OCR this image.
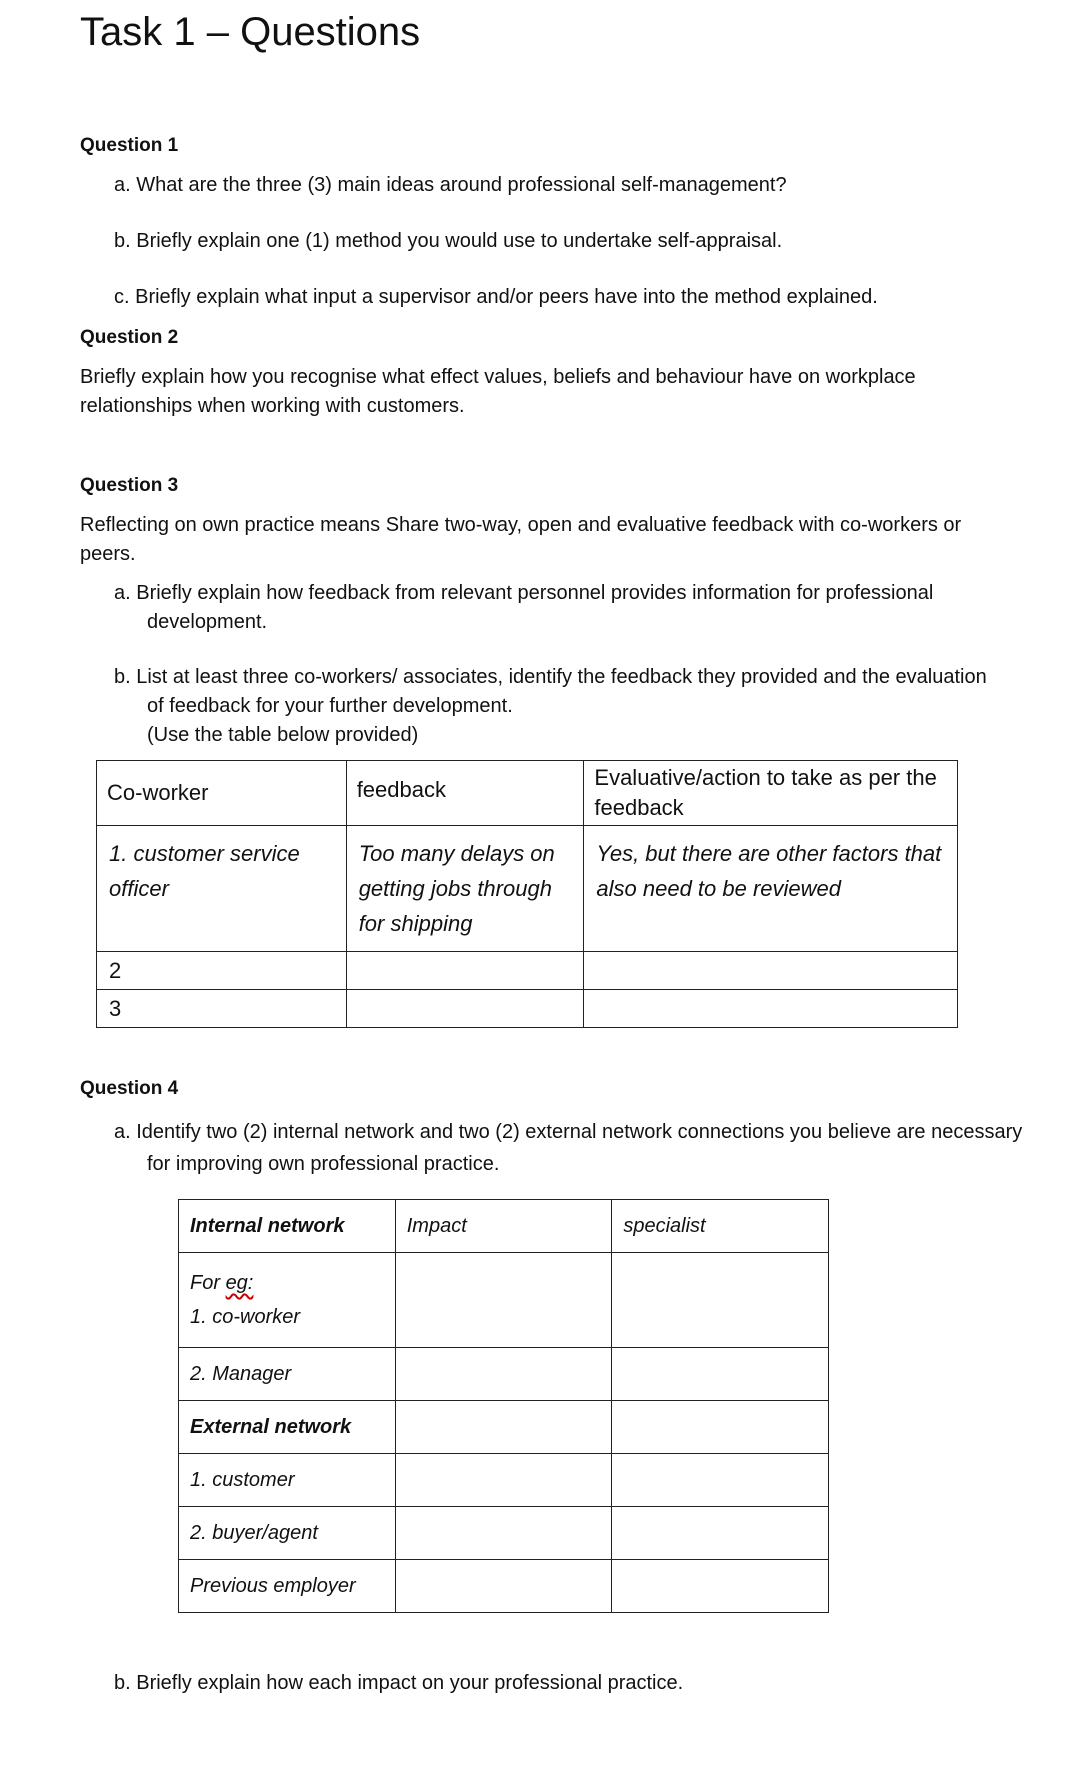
Task 1 – Questions
Question 1
a. What are the three (3) main ideas around professional self-management?
b. Briefly explain one (1) method you would use to undertake self-appraisal.
c. Briefly explain what input a supervisor and/or peers have into the method explained.
Question 2
Briefly explain how you recognise what effect values, beliefs and behaviour have on workplace relationships when working with customers.
Question 3
Reflecting on own practice means Share two-way, open and evaluative feedback with co-workers or peers.
a. Briefly explain how feedback from relevant personnel provides information for professional development.
b. List at least three co-workers/ associates, identify the feedback they provided and the evaluation of feedback for your further development.
(Use the table below provided)
Co-worker	feedback	Evaluative/action to take as per the feedback
1. customer service officer	Too many delays on getting jobs through for shipping	Yes, but there are other factors that also need to be reviewed
2		
3		
Question 4
a. Identify two (2) internal network and two (2) external network connections you believe are necessary for improving own professional practice.
Internal network	Impact	specialist
For eg:
1. co-worker		
2. Manager		
External network		
1. customer		
2. buyer/agent		
Previous employer		
b. Briefly explain how each impact on your professional practice.
